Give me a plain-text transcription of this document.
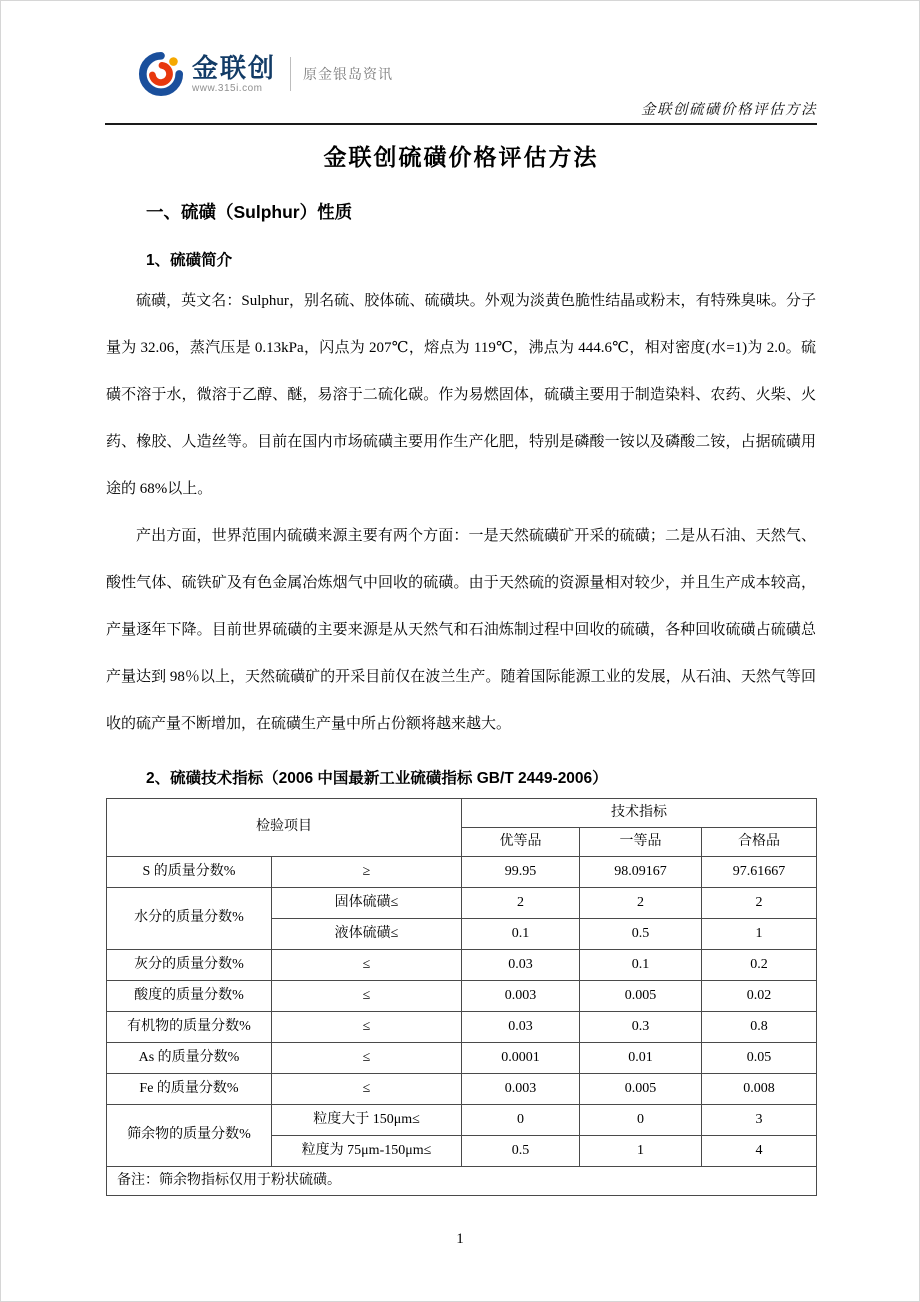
金联创
www.315i.com
原金银岛资讯
金联创硫磺价格评估方法
金联创硫磺价格评估方法
一、硫磺（Sulphur）性质
1、硫磺简介

硫磺，英文名：Sulphur，别名硫、胶体硫、硫磺块。外观为淡黄色脆性结晶或粉末，有特殊臭味。分子量为 32.06，蒸汽压是 0.13kPa，闪点为 207℃，熔点为 119℃，沸点为 444.6℃，相对密度(水=1)为 2.0。硫磺不溶于水，微溶于乙醇、醚，易溶于二硫化碳。作为易燃固体，硫磺主要用于制造染料、农药、火柴、火药、橡胶、人造丝等。目前在国内市场硫磺主要用作生产化肥，特别是磷酸一铵以及磷酸二铵，占据硫磺用途的 68%以上。

产出方面，世界范围内硫磺来源主要有两个方面：一是天然硫磺矿开采的硫磺；二是从石油、天然气、酸性气体、硫铁矿及有色金属冶炼烟气中回收的硫磺。由于天然硫的资源量相对较少，并且生产成本较高，产量逐年下降。目前世界硫磺的主要来源是从天然气和石油炼制过程中回收的硫磺，各种回收硫磺占硫磺总产量达到 98％以上，天然硫磺矿的开采目前仅在波兰生产。随着国际能源工业的发展，从石油、天然气等回收的硫产量不断增加，在硫磺生产量中所占份额将越来越大。

2、硫磺技术指标（2006 中国最新工业硫磺指标 GB/T 2449-2006）
检验项目		技术指标		
		优等品	一等品	合格品
S 的质量分数%	≥	99.95	98.09167	97.61667
水分的质量分数%	固体硫磺≤	2	2	2
	液体硫磺≤	0.1	0.5	1
灰分的质量分数%	≤	0.03	0.1	0.2
酸度的质量分数%	≤	0.003	0.005	0.02
有机物的质量分数%	≤	0.03	0.3	0.8
As 的质量分数%	≤	0.0001	0.01	0.05
Fe 的质量分数%	≤	0.003	0.005	0.008
筛余物的质量分数%	粒度大于 150μm≤	0	0	3
	粒度为 75μm-150μm≤	0.5	1	4
备注：筛余物指标仅用于粉状硫磺。				
1
